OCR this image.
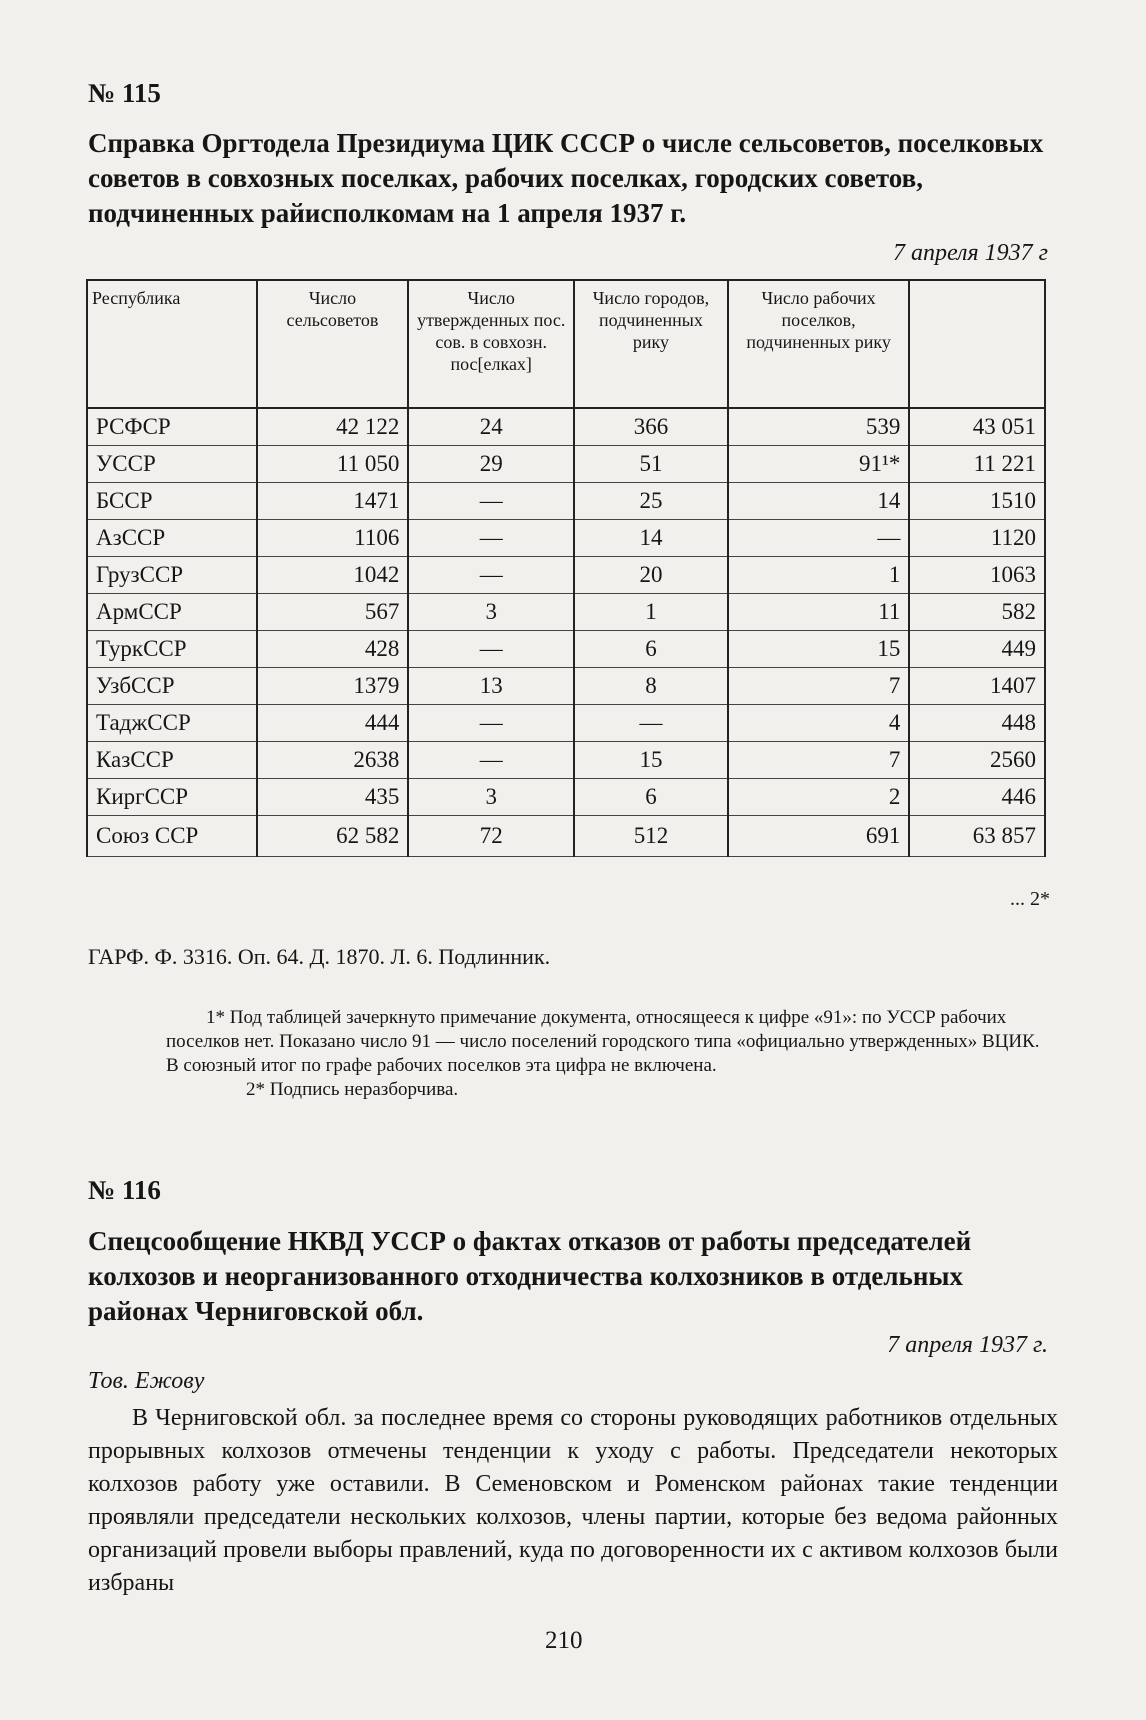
№ 115
Справка Оргтодела Президиума ЦИК СССР о числе сельсоветов, поселковых советов в совхозных поселках, рабочих поселках, городских советов, подчиненных райисполкомам на 1 апреля 1937 г.
7 апреля 1937 г
Республика	Число сельсоветов	Число утвержденных пос. сов. в совхозн. пос[елках]	Число городов, подчиненных рику	Число рабочих поселков, подчиненных рику	
РСФСР	42 122	24	366	539	43 051
УССР	11 050	29	51	91¹*	11 221
БССР	1471	—	25	14	1510
АзССР	1106	—	14	—	1120
ГрузССР	1042	—	20	1	1063
АрмССР	567	3	1	11	582
ТуркССР	428	—	6	15	449
УзбССР	1379	13	8	7	1407
ТаджССР	444	—	—	4	448
КазССР	2638	—	15	7	2560
КиргССР	435	3	6	2	446
Союз ССР	62 582	72	512	691	63 857
... 2*
ГАРФ. Ф. 3316. Оп. 64. Д. 1870. Л. 6. Подлинник.

1* Под таблицей зачеркнуто примечание документа, относящееся к цифре «91»: по УССР рабочих поселков нет. Показано число 91 — число поселений городского типа «официально утвержденных» ВЦИК. В союзный итог по графе рабочих поселков эта цифра не включена.

2* Подпись неразборчива.

№ 116
Спецсообщение НКВД УССР о фактах отказов от работы председателей колхозов и неорганизованного отходничества колхозников в отдельных районах Черниговской обл.
7 апреля 1937 г.
Тов. Ежову
В Черниговской обл. за последнее время со стороны руководящих работников отдельных прорывных колхозов отмечены тенденции к уходу с работы. Председатели некоторых колхозов работу уже оставили. В Семеновском и Роменском районах такие тенденции проявляли председатели нескольких колхозов, члены партии, которые без ведома районных организаций провели выборы правлений, куда по договоренности их с активом колхозов были избраны
210
